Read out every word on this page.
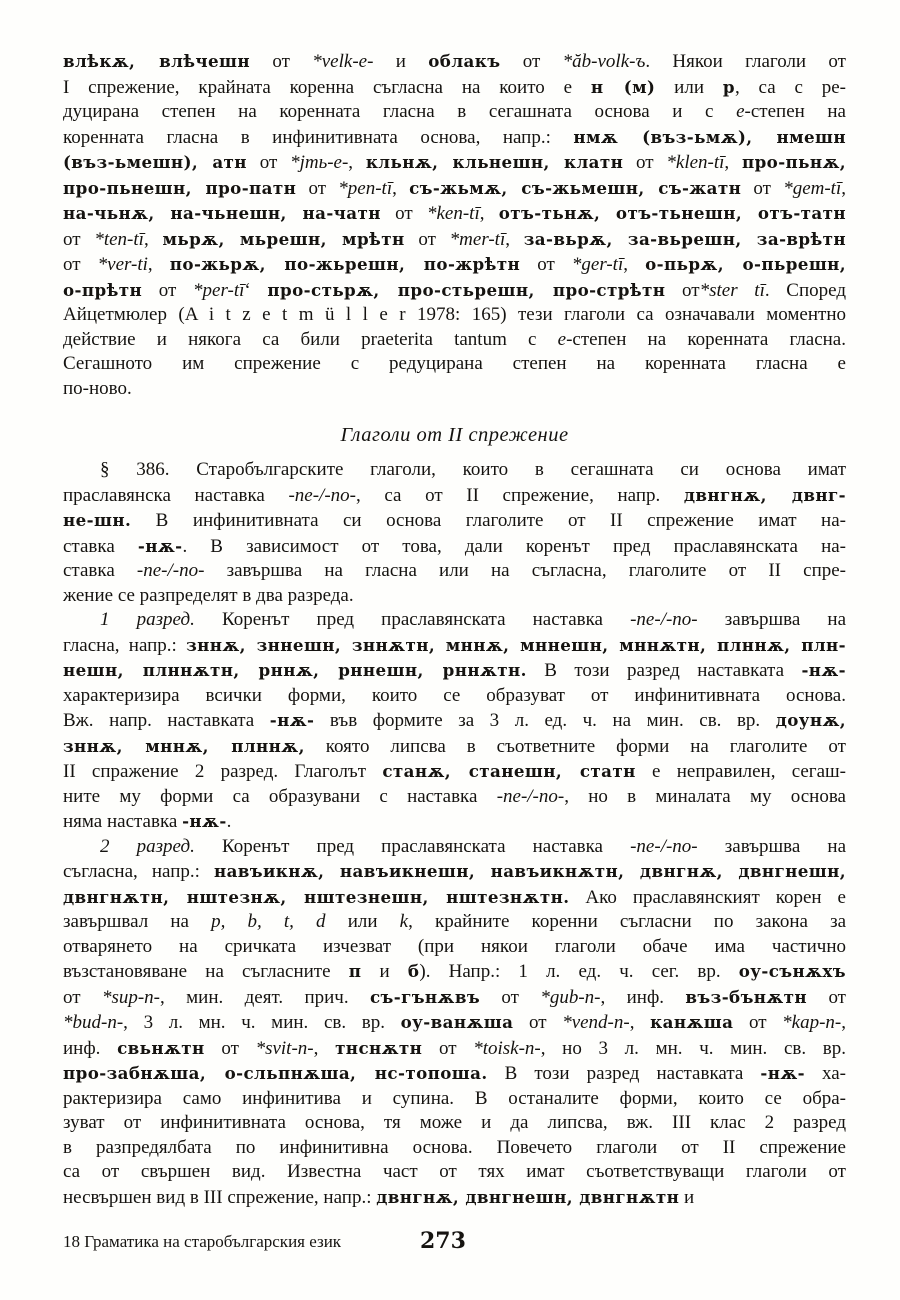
влѣкѫ, влѣчешн от *velk-e- и облакъ от *ăb-volk-ъ. Някои глаголи от
I спрежение, крайната коренна съгласна на които е н (м) или р, са с ре-
дуцирана степен на коренната гласна в сегашната основа и с е-степен на
коренната гласна в инфинитивната основа, напр.: нмѫ (въз-ьмѫ), нмешн
(въз-ьмешн), атн от *jmь-e-, кльнѫ, кльнешн, клатн от *klen-tī, про-пьнѫ,
про-пьнешн, про-патн от *pen-tī, съ-жьмѫ, съ-жьмешн, съ-жатн от *gem-tī,
на-чьнѫ, на-чьнешн, на-чатн от *ken-tī, отъ-тьнѫ, отъ-тьнешн, отъ-татн
от *ten-tī, мьрѫ, мьрешн, мрѣтн от *mer-tī, за-вьрѫ, за-вьрешн, за-врѣтн
от *ver-ti, по-жьрѫ, по-жьрешн, по-жрѣтн от *ger-tī, о-пьрѫ, о-пьрешн,
о-прѣтн от *per-tī‘ про-стьрѫ, про-стьрешн, про-стрѣтн от*ster tī. Според
Айцетмюлер (A i t z e t m ü l l e r 1978: 165) тези глаголи са означавали моментно
действие и някога са били praeterita tantum с е-степен на коренната гласна.
Сегашното им спрежение с редуцирана степен на коренната гласна е
по-ново.
Глаголи от II спрежение
§ 386. Старобългарските глаголи, които в сегашната си основа имат
праславянска наставка -ne-/-no-, са от II спрежение, напр. двнгнѫ, двнг-
не-шн. В инфинитивната си основа глаголите от II спрежение имат на-
ставка -нѫ-. В зависимост от това, дали коренът пред праславянската на-
ставка -ne-/-no- завършва на гласна или на съгласна, глаголите от II спре-
жение се разпределят в два разреда.
1 разред. Коренът пред праславянската наставка -ne-/-no- завършва на
гласна, напр.: зннѫ, зннешн, зннѫтн, мннѫ, мннешн, мннѫтн, плннѫ, плн-
нешн, плннѫтн, рннѫ, рннешн, рннѫтн. В този разред наставката -нѫ-
характеризира всички форми, които се образуват от инфинитивната основа.
Вж. напр. наставката -нѫ- във формите за 3 л. ед. ч. на мин. св. вр. доунѫ,
зннѫ, мннѫ, плннѫ, която липсва в съответните форми на глаголите от
II спражение 2 разред. Глаголът станѫ, станешн, статн е неправилен, сегаш-
ните му форми са образувани с наставка -ne-/-no-, но в миналата му основа
няма наставка -нѫ-.
2 разред. Коренът пред праславянската наставка -ne-/-no- завършва на
съгласна, напр.: навъикнѫ, навъикнешн, навъикнѫтн, двнгнѫ, двнгнешн,
двнгнѫтн, нштезнѫ, нштезнешн, нштезнѫтн. Ако праславянският корен е
завършвал на p, b, t, d или k, крайните коренни съгласни по закона за
отварянето на сричката изчезват (при някои глаголи обаче има частично
възстановяване на съгласните п и б). Напр.: 1 л. ед. ч. сег. вр. оу-сънѫхъ
от *sup-n-, мин. деят. прич. съ-гънѫвъ от *gub-n-, инф. въз-бънѫтн от
*bud-n-, 3 л. мн. ч. мин. св. вр. оу-ванѫша от *vend-n-, канѫша от *kap-n-,
инф. свьнѫтн от *svit-n-, тнснѫтн от *toisk-n-, но 3 л. мн. ч. мин. св. вр.
про-забнѫша, о-сльпнѫша, нс-топоша. В този разред наставката -нѫ- ха-
рактеризира само инфинитива и супина. В останалите форми, които се обра-
зуват от инфинитивната основа, тя може и да липсва, вж. III клас 2 разред
в разпредялбата по инфинитивна основа. Повечето глаголи от II спрежение
са от свършен вид. Известна част от тях имат съответствуващи глаголи от
несвършен вид в III спрежение, напр.: двнгнѫ, двнгнешн, двнгнѫтн и
18 Граматика на старобългарския език	273
